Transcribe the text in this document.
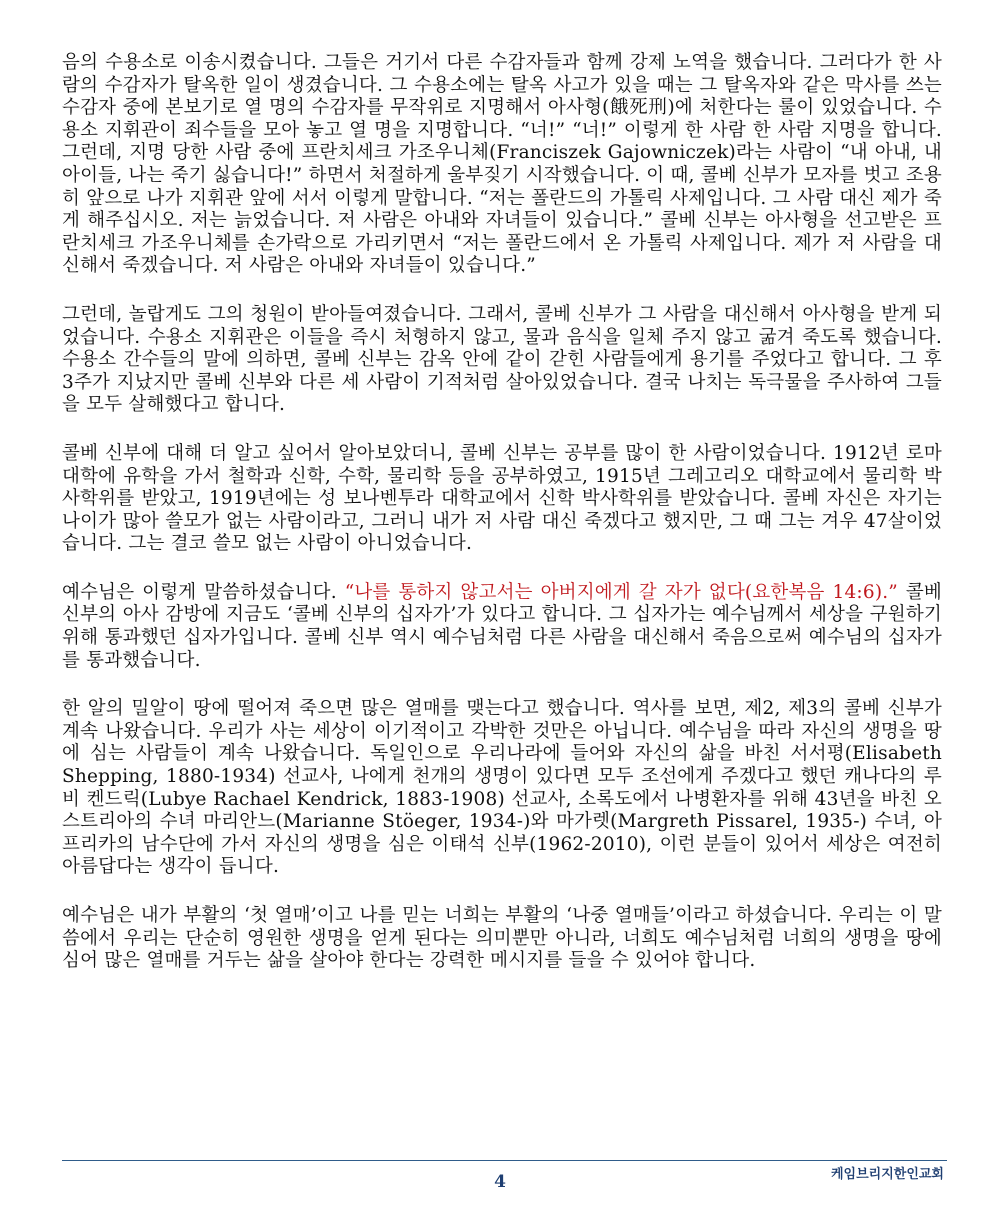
음의 수용소로 이송시켰습니다. 그들은 거기서 다른 수감자들과 함께 강제 노역을 했습니다. 그러다가 한 사람의 수감자가 탈옥한 일이 생겼습니다. 그 수용소에는 탈옥 사고가 있을 때는 그 탈옥자와 같은 막사를 쓰는 수감자 중에 본보기로 열 명의 수감자를 무작위로 지명해서 아사형(餓死刑)에 처한다는 룰이 있었습니다. 수용소 지휘관이 죄수들을 모아 놓고 열 명을 지명합니다. “너!” “너!” 이렇게 한 사람 한 사람 지명을 합니다. 그런데, 지명 당한 사람 중에 프란치세크 가조우니체(Franciszek Gajowniczek)라는 사람이 “내 아내, 내 아이들, 나는 죽기 싫습니다!” 하면서 처절하게 울부짖기 시작했습니다. 이 때, 콜베 신부가 모자를 벗고 조용히 앞으로 나가 지휘관 앞에 서서 이렇게 말합니다. “저는 폴란드의 가톨릭 사제입니다. 그 사람 대신 제가 죽게 해주십시오. 저는 늙었습니다. 저 사람은 아내와 자녀들이 있습니다.” 콜베 신부는 아사형을 선고받은 프란치세크 가조우니체를 손가락으로 가리키면서 “저는 폴란드에서 온 가톨릭 사제입니다. 제가 저 사람을 대신해서 죽겠습니다. 저 사람은 아내와 자녀들이 있습니다.”

그런데, 놀랍게도 그의 청원이 받아들여졌습니다. 그래서, 콜베 신부가 그 사람을 대신해서 아사형을 받게 되었습니다. 수용소 지휘관은 이들을 즉시 처형하지 않고, 물과 음식을 일체 주지 않고 굶겨 죽도록 했습니다. 수용소 간수들의 말에 의하면, 콜베 신부는 감옥 안에 같이 갇힌 사람들에게 용기를 주었다고 합니다. 그 후 3주가 지났지만 콜베 신부와 다른 세 사람이 기적처럼 살아있었습니다. 결국 나치는 독극물을 주사하여 그들을 모두 살해했다고 합니다.

콜베 신부에 대해 더 알고 싶어서 알아보았더니, 콜베 신부는 공부를 많이 한 사람이었습니다. 1912년 로마 대학에 유학을 가서 철학과 신학, 수학, 물리학 등을 공부하였고, 1915년 그레고리오 대학교에서 물리학 박사학위를 받았고, 1919년에는 성 보나벤투라 대학교에서 신학 박사학위를 받았습니다. 콜베 자신은 자기는 나이가 많아 쓸모가 없는 사람이라고, 그러니 내가 저 사람 대신 죽겠다고 했지만, 그 때 그는 겨우 47살이었습니다. 그는 결코 쓸모 없는 사람이 아니었습니다.

예수님은 이렇게 말씀하셨습니다. “나를 통하지 않고서는 아버지에게 갈 자가 없다(요한복음 14:6).” 콜베 신부의 아사 감방에 지금도 ‘콜베 신부의 십자가’가 있다고 합니다. 그 십자가는 예수님께서 세상을 구원하기 위해 통과했던 십자가입니다. 콜베 신부 역시 예수님처럼 다른 사람을 대신해서 죽음으로써 예수님의 십자가를 통과했습니다.

한 알의 밀알이 땅에 떨어져 죽으면 많은 열매를 맺는다고 했습니다. 역사를 보면, 제2, 제3의 콜베 신부가 계속 나왔습니다. 우리가 사는 세상이 이기적이고 각박한 것만은 아닙니다. 예수님을 따라 자신의 생명을 땅에 심는 사람들이 계속 나왔습니다. 독일인으로 우리나라에 들어와 자신의 삶을 바친 서서평(Elisabeth Shepping, 1880-1934) 선교사, 나에게 천개의 생명이 있다면 모두 조선에게 주겠다고 했던 캐나다의 루비 켄드릭(Lubye Rachael Kendrick, 1883-1908) 선교사, 소록도에서 나병환자를 위해 43년을 바친 오스트리아의 수녀 마리안느(Marianne Stöeger, 1934-)와 마가렛(Margreth Pissarel, 1935-) 수녀, 아프리카의 남수단에 가서 자신의 생명을 심은 이태석 신부(1962-2010), 이런 분들이 있어서 세상은 여전히 아름답다는 생각이 듭니다.

예수님은 내가 부활의 ‘첫 열매’이고 나를 믿는 너희는 부활의 ‘나중 열매들’이라고 하셨습니다. 우리는 이 말씀에서 우리는 단순히 영원한 생명을 얻게 된다는 의미뿐만 아니라, 너희도 예수님처럼 너희의 생명을 땅에 심어 많은 열매를 거두는 삶을 살아야 한다는 강력한 메시지를 들을 수 있어야 합니다.

4	케임브리지한인교회
